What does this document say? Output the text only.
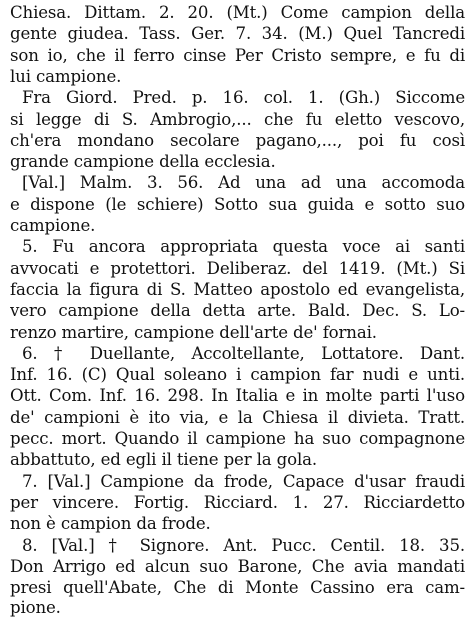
Chiesa. Dittam. 2. 20. (Mt.) Come campion della
gente giudea. Tass. Ger. 7. 34. (M.) Quel Tancredi
son io, che il ferro cinse Per Cristo sempre, e fu di
lui campione.
Fra Giord. Pred. p. 16. col. 1. (Gh.) Siccome
si legge di S. Ambrogio,... che fu eletto vescovo,
ch'era mondano secolare pagano,..., poi fu così
grande campione della ecclesia.
[Val.] Malm. 3. 56. Ad una ad una accomoda
e dispone (le schiere) Sotto sua guida e sotto suo
campione.
5. Fu ancora appropriata questa voce ai santi
avvocati e protettori. Deliberaz. del 1419. (Mt.) Si
faccia la figura di S. Matteo apostolo ed evangelista,
vero campione della detta arte. Bald. Dec. S. Lo-
renzo martire, campione dell'arte de' fornai.
6. † Duellante, Accoltellante, Lottatore. Dant.
Inf. 16. (C) Qual soleano i campion far nudi e unti.
Ott. Com. Inf. 16. 298. In Italia e in molte parti l'uso
de' campioni è ito via, e la Chiesa il divieta. Tratt.
pecc. mort. Quando il campione ha suo compagnone
abbattuto, ed egli il tiene per la gola.
7. [Val.] Campione da frode, Capace d'usar fraudi
per vincere. Fortig. Ricciard. 1. 27. Ricciardetto
non è campion da frode.
8. [Val.] † Signore. Ant. Pucc. Centil. 18. 35.
Don Arrigo ed alcun suo Barone, Che avia mandati
presi quell'Abate, Che di Monte Cassino era cam-
pione.
